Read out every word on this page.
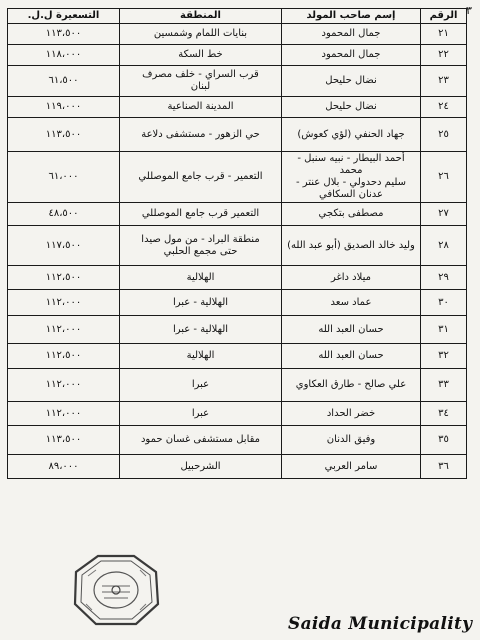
٣
الرقم	إسم صاحب المولد	المنطقة	التسعيرة ل.ل.
٢١	جمال المحمود	بنايات اللمام وشمسين	١١٣،٥٠٠
٢٢	جمال المحمود	خط السكة	١١٨،٠٠٠
٢٣	نضال حليحل	قرب السراي - خلف مصرف
لبنان	٦١،٥٠٠
٢٤	نضال حليحل	المدينة الصناعية	١١٩،٠٠٠
٢٥	جهاد الحنفي (لؤي كعوش)	حي الزهور - مستشفى دلاعة	١١٣،٥٠٠
٢٦	أحمد البيطار - نبيه سنبل - محمد
سليم دحدولي - بلال عنتر -
عدنان السكافي	التعمير - قرب جامع الموصللي	٦١،٠٠٠
٢٧	مصطفى بتكجي	التعمير قرب جامع الموصللي	٤٨،٥٠٠
٢٨	وليد خالد الصديق (أبو عبد الله)	منطقة البراد - من مول صيدا
حتى مجمع الحلبي	١١٧،٥٠٠
٢٩	ميلاد داغر	الهلالية	١١٢،٥٠٠
٣٠	عماد سعد	الهلالية - عبرا	١١٢،٠٠٠
٣١	حسان العبد الله	الهلالية - عبرا	١١٢،٠٠٠
٣٢	حسان العبد الله	الهلالية	١١٢،٥٠٠
٣٣	علي صالح - طارق العكاوي	عبرا	١١٢،٠٠٠
٣٤	خضر الحداد	عبرا	١١٢،٠٠٠
٣٥	وفيق الدنان	مقابل مستشفى غسان حمود	١١٣،٥٠٠
٣٦	سامر العربي	الشرحبيل	٨٩،٠٠٠
Saida Municipality
